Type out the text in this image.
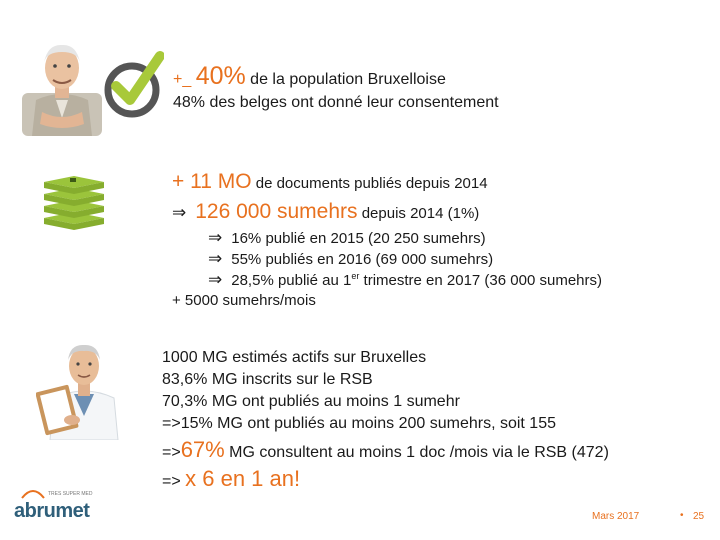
+_ 40% de la population Bruxelloise
48% des belges ont donné leur consentement
+ 11 MO de documents publiés depuis 2014
⇒ 126 000 sumehrs depuis 2014 (1%)
⇒ 16% publié en 2015 (20 250 sumehrs)
⇒ 55% publiés en 2016 (69 000 sumehrs)
⇒ 28,5% publié au 1er trimestre en 2017 (36 000 sumehrs)
+ 5000 sumehrs/mois
1000 MG estimés actifs sur Bruxelles
83,6% MG inscrits sur le RSB
70,3% MG ont publiés au moins 1 sumehr
=>15% MG ont publiés au moins 200 sumehrs, soit 155
=>67% MG consultent au moins 1 doc /mois via le RSB (472)
=> x 6 en 1 an!
TRES SUPER MED
abrumet	Mars 2017	• 25
